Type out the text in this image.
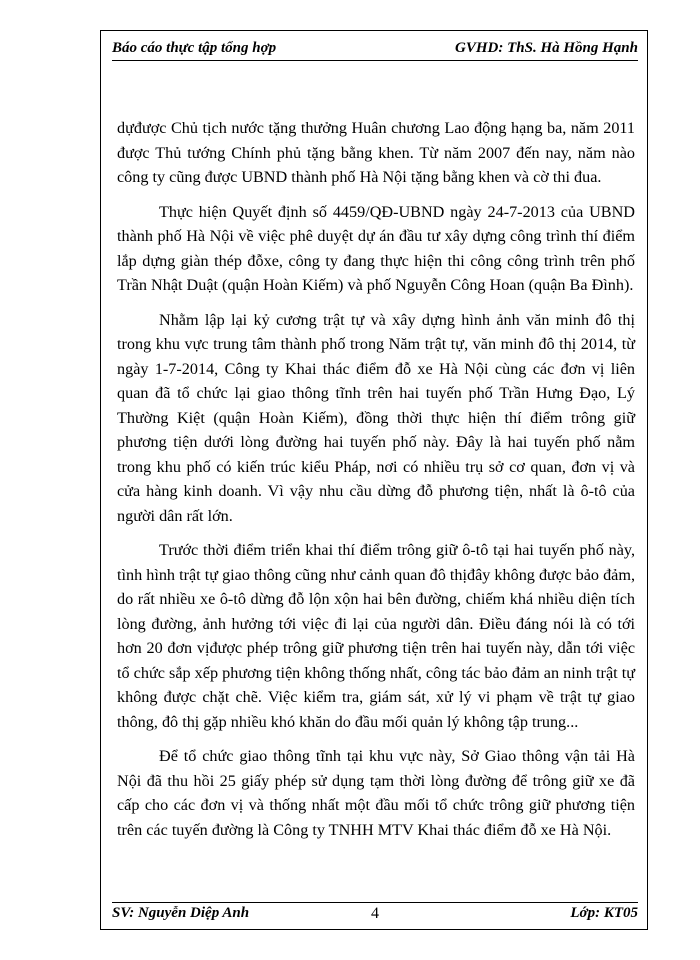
Báo cáo thực tập tổng hợp	GVHD: ThS. Hà Hồng Hạnh

dựđược Chủ tịch nước tặng thưởng Huân chương Lao động hạng ba, năm 2011 được Thủ tướng Chính phủ tặng bằng khen. Từ năm 2007 đến nay, năm nào công ty cũng được UBND thành phố Hà Nội tặng bằng khen và cờ thi đua.

Thực hiện Quyết định số 4459/QĐ-UBND ngày 24-7-2013 của UBND thành phố Hà Nội về việc phê duyệt dự án đầu tư xây dựng công trình thí điểm lắp dựng giàn thép đỗxe, công ty đang thực hiện thi công công trình trên phố Trần Nhật Duật (quận Hoàn Kiếm) và phố Nguyễn Công Hoan (quận Ba Đình).

Nhằm lập lại kỷ cương trật tự và xây dựng hình ảnh văn minh đô thị trong khu vực trung tâm thành phố trong Năm trật tự, văn minh đô thị 2014, từ ngày 1-7-2014, Công ty Khai thác điểm đỗ xe Hà Nội cùng các đơn vị liên quan đã tổ chức lại giao thông tĩnh trên hai tuyến phố Trần Hưng Đạo, Lý Thường Kiệt (quận Hoàn Kiếm), đồng thời thực hiện thí điểm trông giữ phương tiện dưới lòng đường hai tuyến phố này. Đây là hai tuyến phố nằm trong khu phố có kiến trúc kiểu Pháp, nơi có nhiều trụ sở cơ quan, đơn vị và cửa hàng kinh doanh. Vì vậy nhu cầu dừng đỗ phương tiện, nhất là ô-tô của người dân rất lớn.

Trước thời điểm triển khai thí điểm trông giữ ô-tô tại hai tuyến phố này, tình hình trật tự giao thông cũng như cảnh quan đô thịđây không được bảo đảm, do rất nhiều xe ô-tô dừng đỗ lộn xộn hai bên đường, chiếm khá nhiều diện tích lòng đường, ảnh hưởng tới việc đi lại của người dân. Điều đáng nói là có tới hơn 20 đơn vịđược phép trông giữ phương tiện trên hai tuyến này, dẫn tới việc tổ chức sắp xếp phương tiện không thống nhất, công tác bảo đảm an ninh trật tự không được chặt chẽ. Việc kiểm tra, giám sát, xử lý vi phạm về trật tự giao thông, đô thị gặp nhiều khó khăn do đầu mối quản lý không tập trung...

Để tổ chức giao thông tĩnh tại khu vực này, Sở Giao thông vận tải Hà Nội đã thu hồi 25 giấy phép sử dụng tạm thời lòng đường để trông giữ xe đã cấp cho các đơn vị và thống nhất một đầu mối tổ chức trông giữ phương tiện trên các tuyến đường là Công ty TNHH MTV Khai thác điểm đỗ xe Hà Nội.

SV: Nguyễn Diệp Anh	4	Lớp: KT05
